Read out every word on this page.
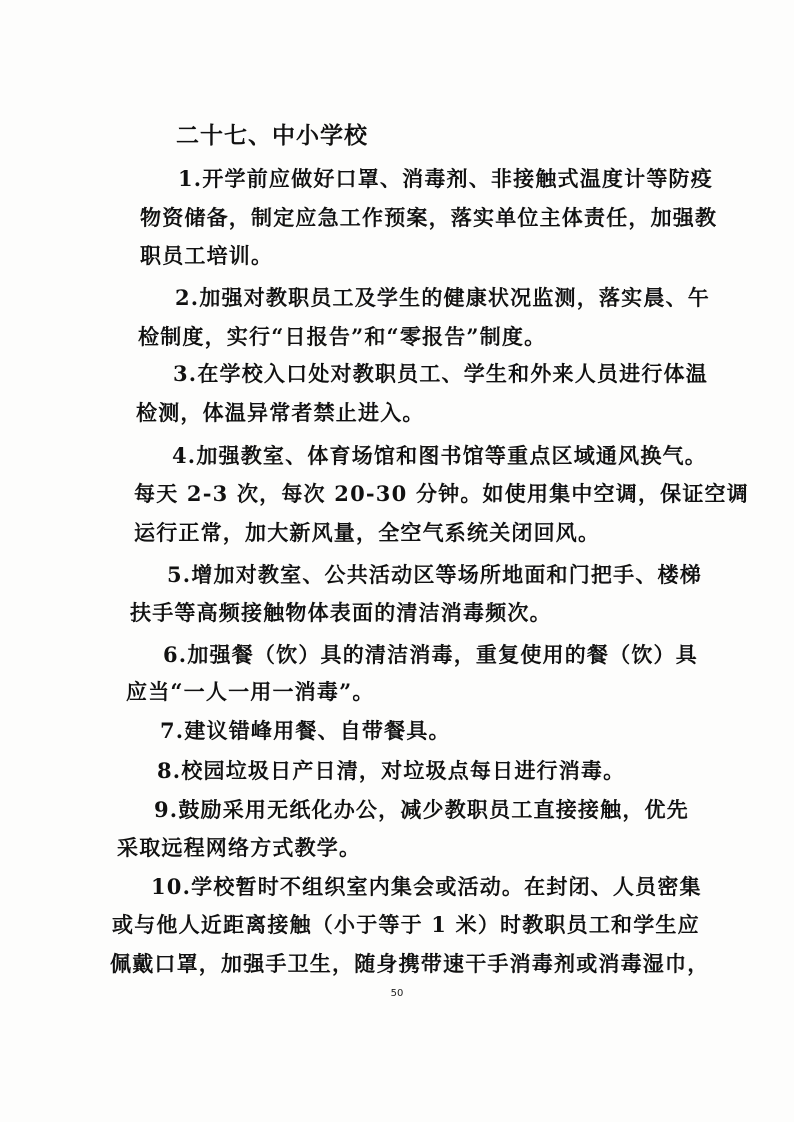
二十七、中小学校
1.开学前应做好口罩、消毒剂、非接触式温度计等防疫
物资储备，制定应急工作预案，落实单位主体责任，加强教
职员工培训。
2.加强对教职员工及学生的健康状况监测，落实晨、午
检制度，实行“日报告”和“零报告”制度。
3.在学校入口处对教职员工、学生和外来人员进行体温
检测，体温异常者禁止进入。
4.加强教室、体育场馆和图书馆等重点区域通风换气。
每天 2-3 次，每次 20-30 分钟。如使用集中空调，保证空调
运行正常，加大新风量，全空气系统关闭回风。
5.增加对教室、公共活动区等场所地面和门把手、楼梯
扶手等高频接触物体表面的清洁消毒频次。
6.加强餐（饮）具的清洁消毒，重复使用的餐（饮）具
应当“一人一用一消毒”。
7.建议错峰用餐、自带餐具。
8.校园垃圾日产日清，对垃圾点每日进行消毒。
9.鼓励采用无纸化办公，减少教职员工直接接触，优先
采取远程网络方式教学。
10.学校暂时不组织室内集会或活动。在封闭、人员密集
或与他人近距离接触（小于等于 1 米）时教职员工和学生应
佩戴口罩，加强手卫生，随身携带速干手消毒剂或消毒湿巾，
50
